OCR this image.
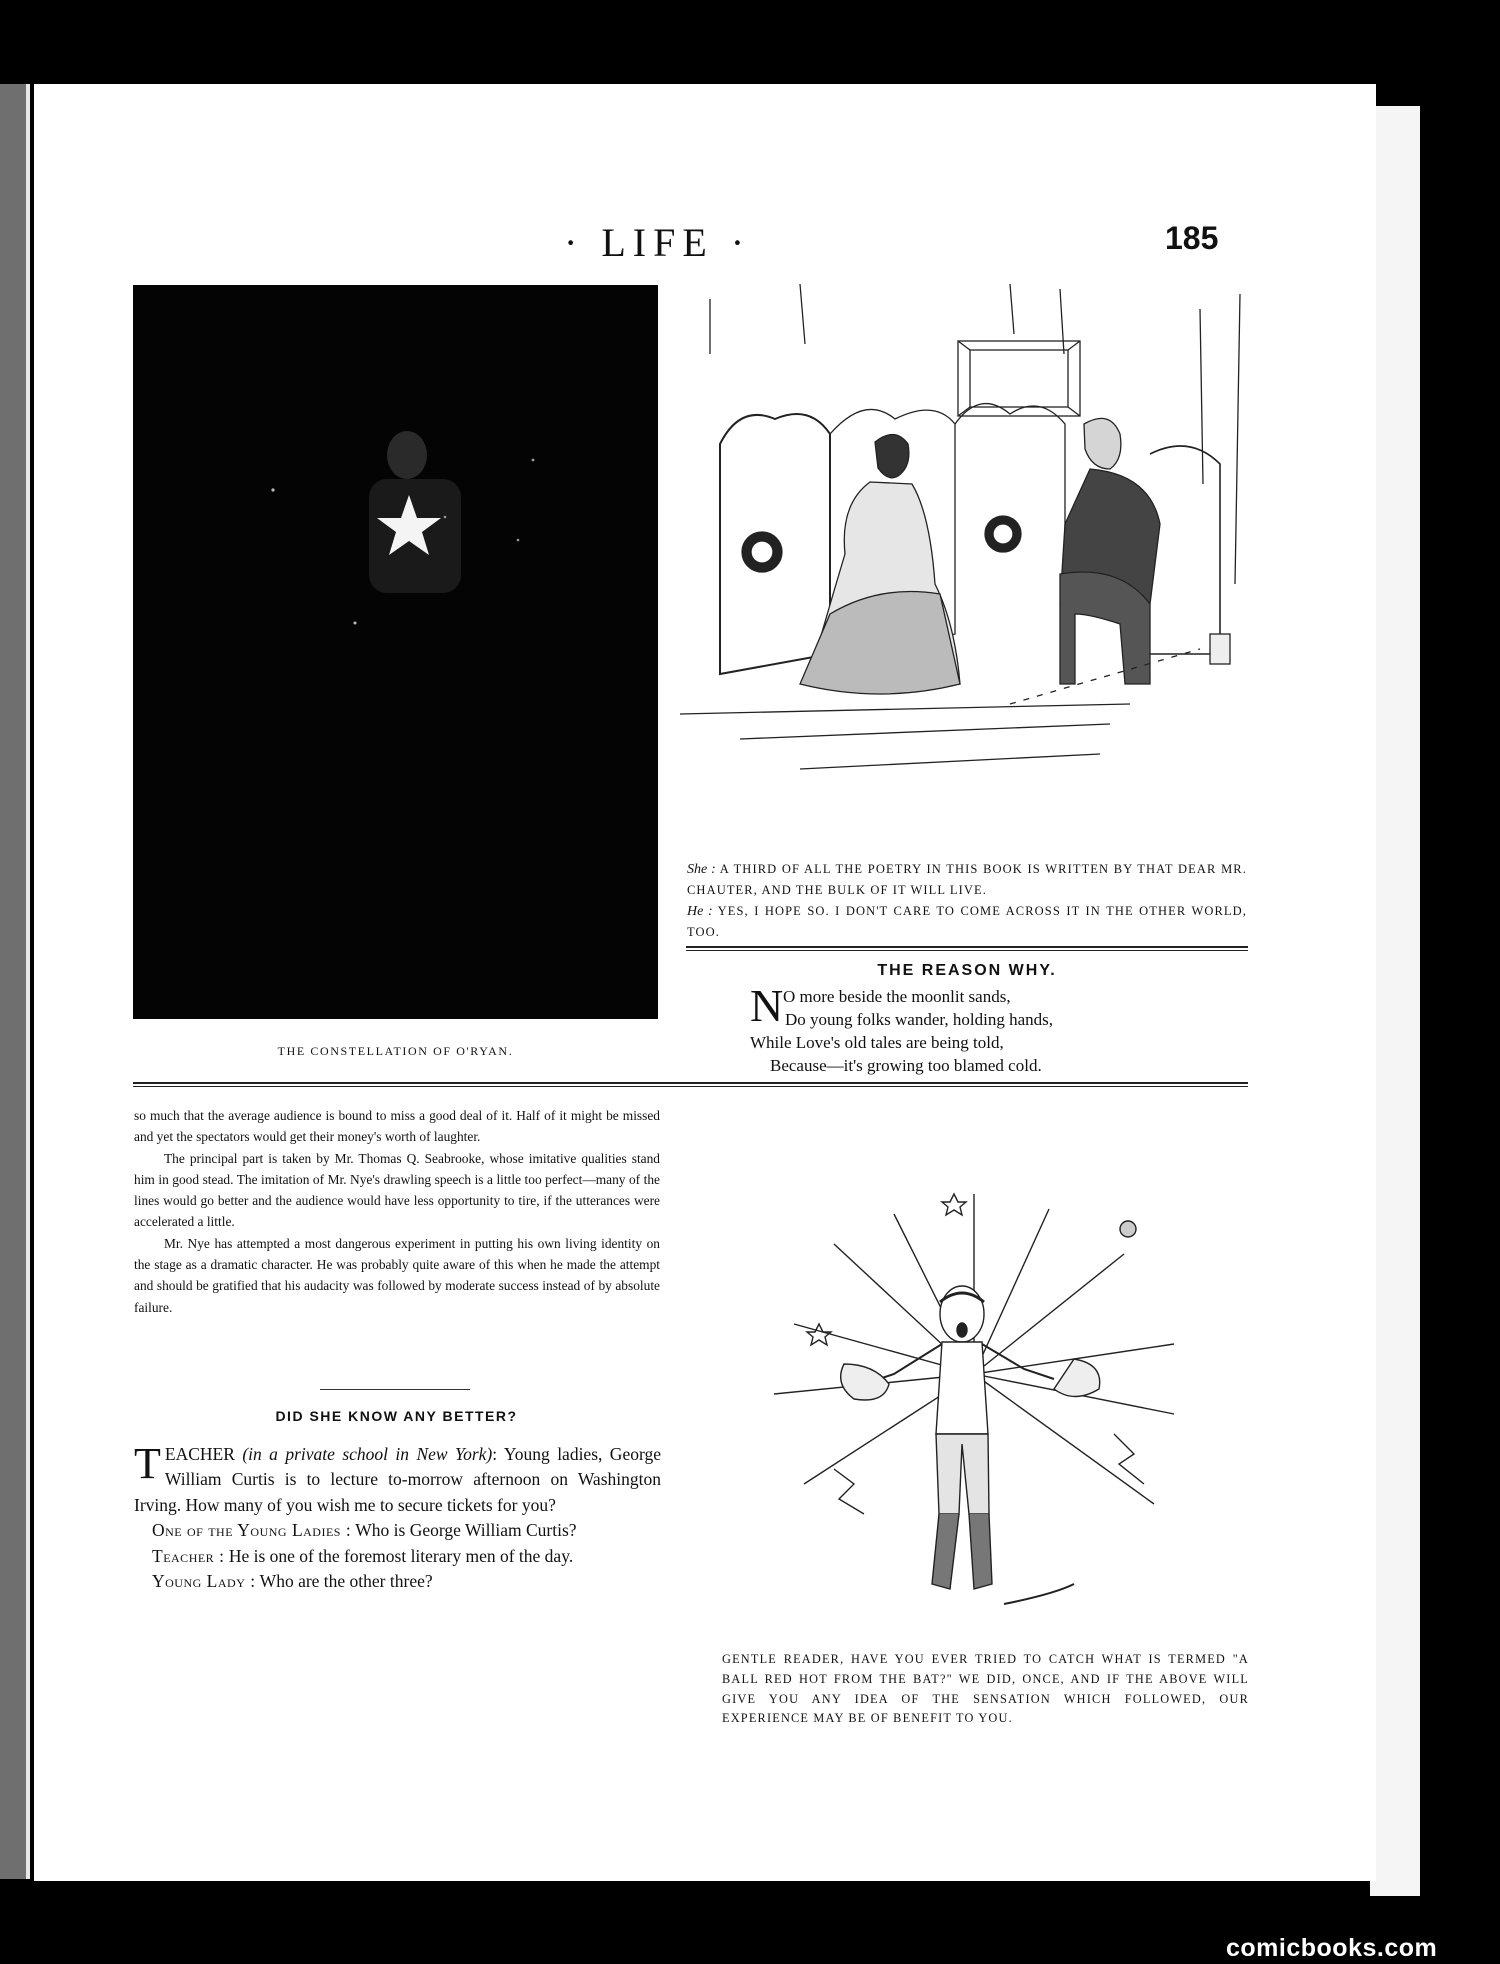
· LIFE ·	185
THE CONSTELLATION OF O'RYAN.
She : A THIRD OF ALL THE POETRY IN THIS BOOK IS WRITTEN BY THAT DEAR MR. CHAUTER, AND THE BULK OF IT WILL LIVE.
He : YES, I HOPE SO. I DON'T CARE TO COME ACROSS IT IN THE OTHER WORLD, TOO.
THE REASON WHY.
N O more beside the moonlit sands,
Do young folks wander, holding hands,
While Love's old tales are being told,
Because—it's growing too blamed cold.

so much that the average audience is bound to miss a good deal of it. Half of it might be missed and yet the spectators would get their money's worth of laughter.

The principal part is taken by Mr. Thomas Q. Seabrooke, whose imitative qualities stand him in good stead. The imitation of Mr. Nye's drawling speech is a little too perfect—many of the lines would go better and the audience would have less opportunity to tire, if the utterances were accelerated a little.

Mr. Nye has attempted a most dangerous experiment in putting his own living identity on the stage as a dramatic character. He was probably quite aware of this when he made the attempt and should be gratified that his audacity was followed by moderate success instead of by absolute failure.

DID SHE KNOW ANY BETTER?

TEACHER (in a private school in New York): Young ladies, George William Curtis is to lecture to-morrow afternoon on Washington Irving. How many of you wish me to secure tickets for you?

One of the Young Ladies : Who is George William Curtis?

Teacher : He is one of the foremost literary men of the day.

Young Lady : Who are the other three?

GENTLE READER, HAVE YOU EVER TRIED TO CATCH WHAT IS TERMED "A BALL RED HOT FROM THE BAT?" WE DID, ONCE, AND IF THE ABOVE WILL GIVE YOU ANY IDEA OF THE SENSATION WHICH FOLLOWED, OUR EXPERIENCE MAY BE OF BENEFIT TO YOU.
comicbooks.com
